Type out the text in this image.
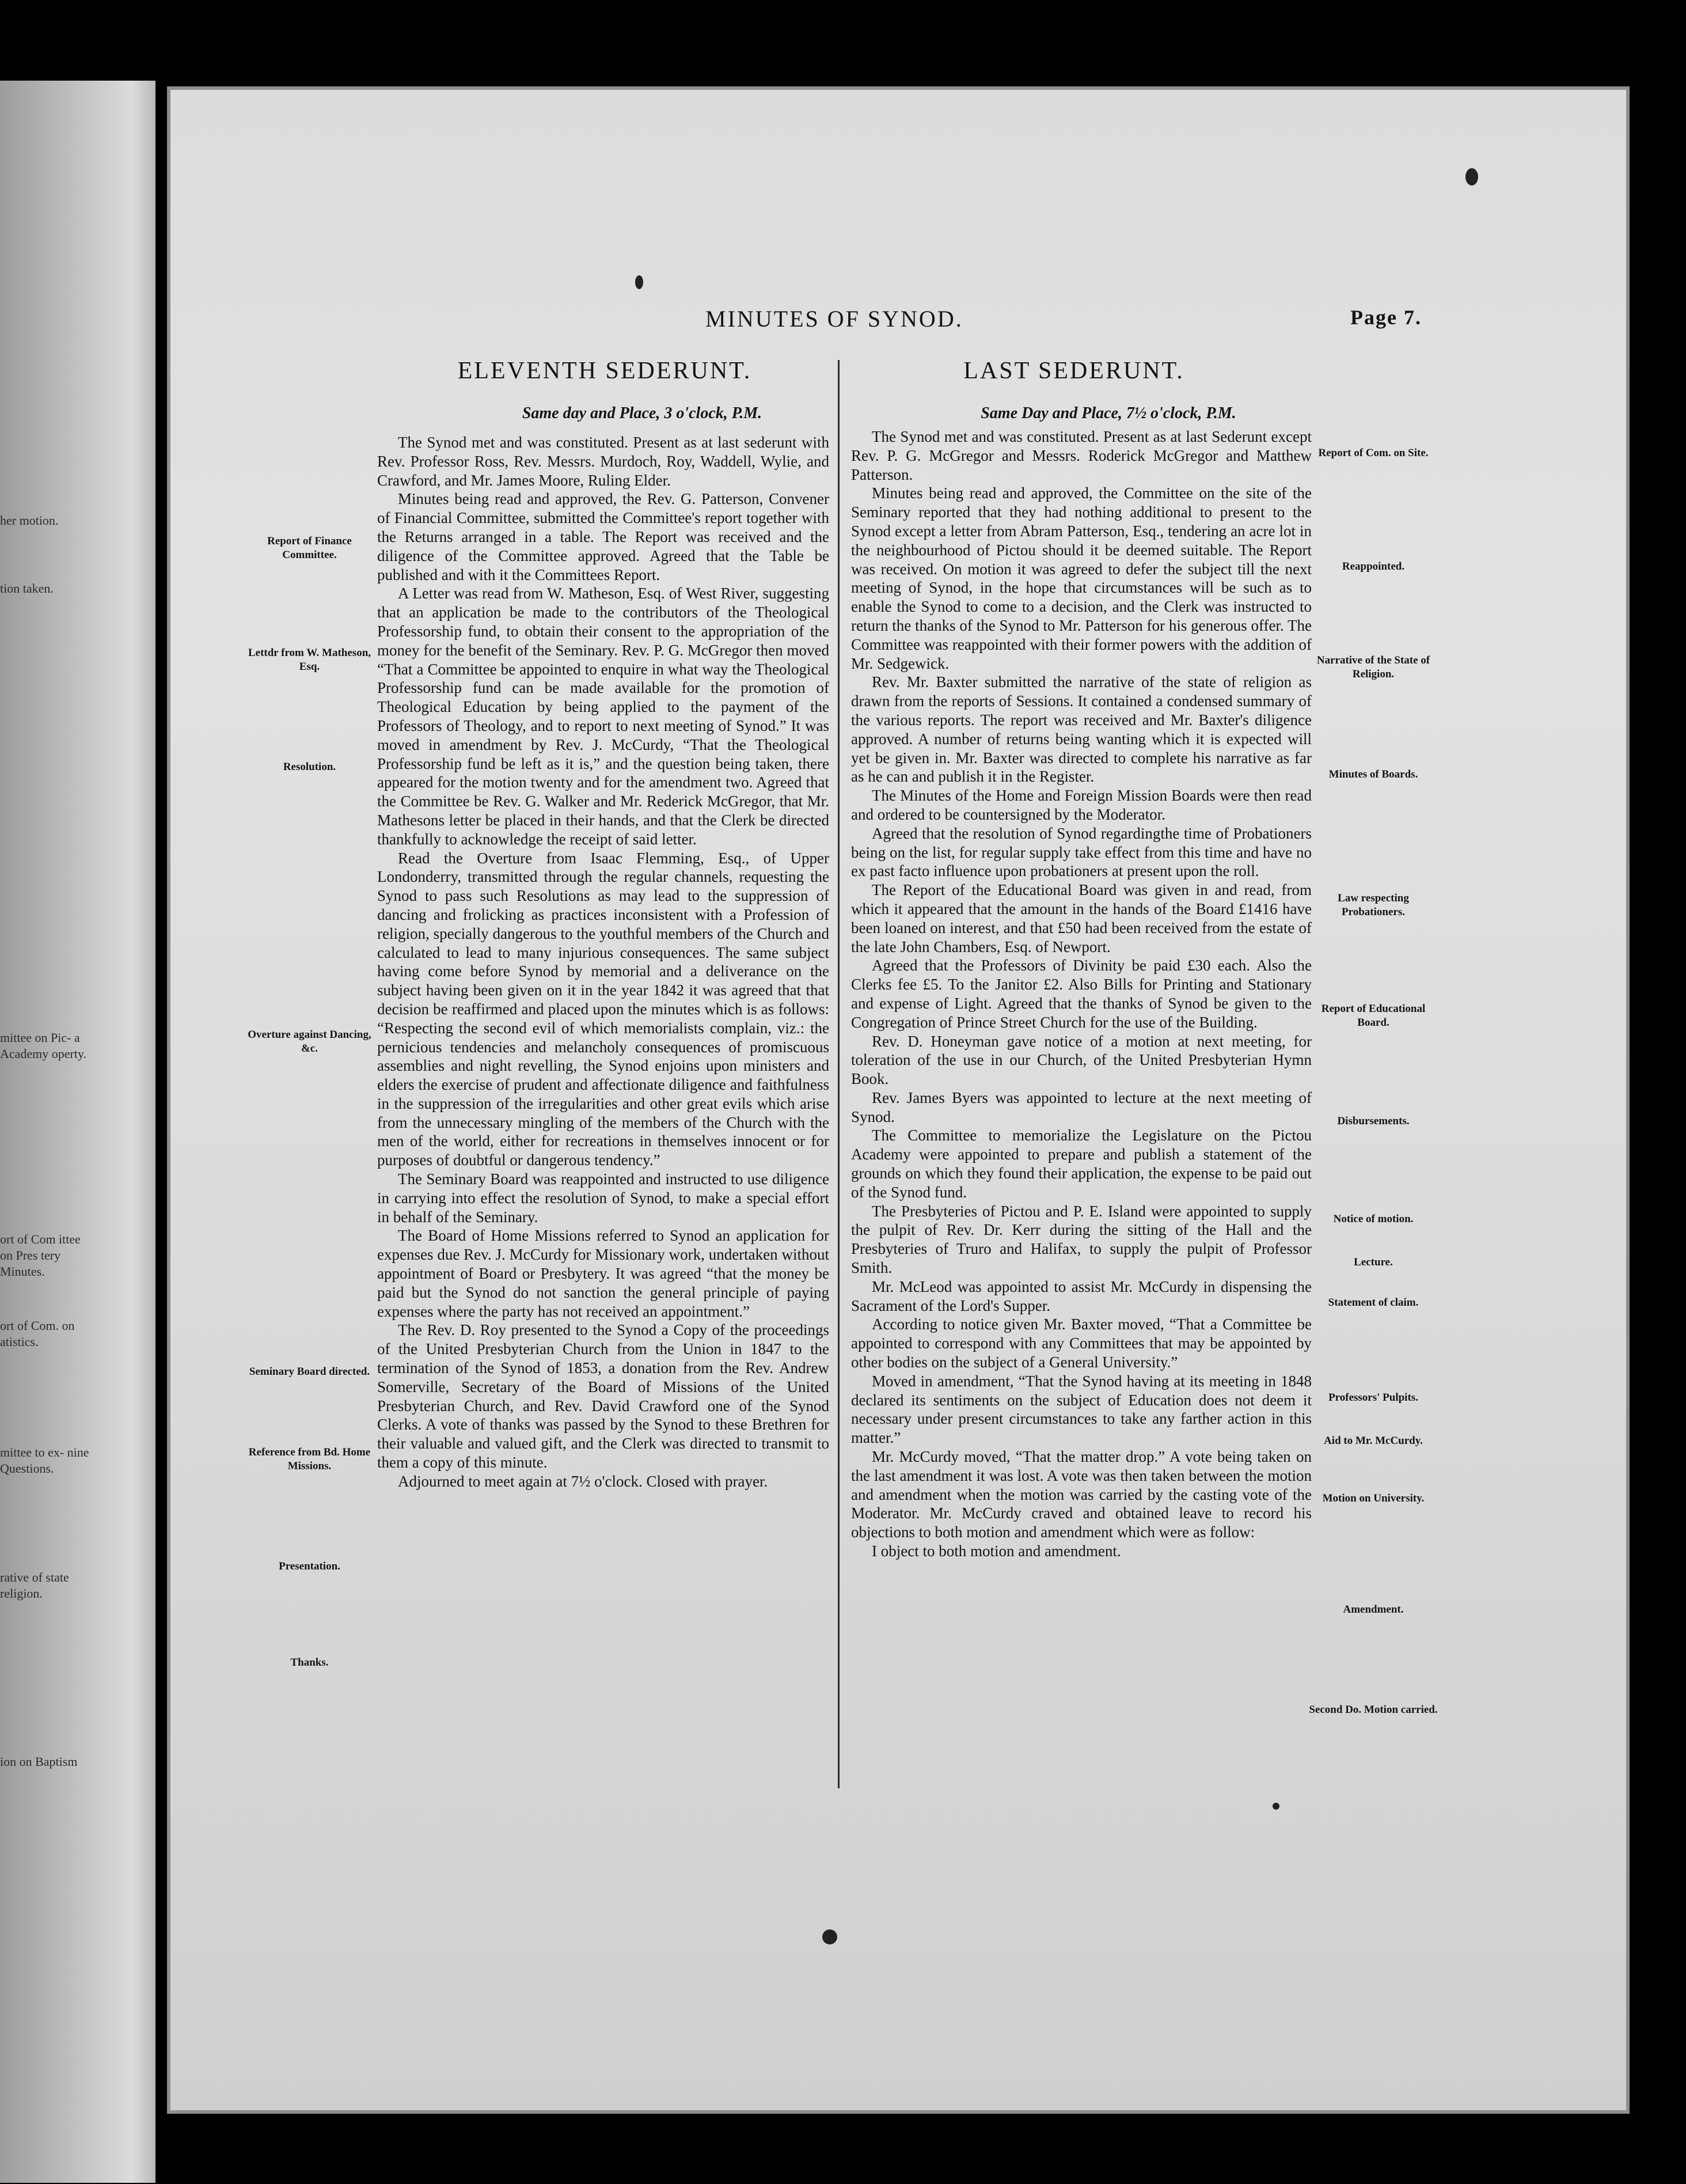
her motion.
tion taken.
mittee on Pic- a Academy operty.
ort of Com ittee on Pres tery Minutes.
ort of Com. on atistics.
mittee to ex- nine Questions.
rative of state religion.
ion on Baptism
MINUTES OF SYNOD.	Page 7.
ELEVENTH SEDERUNT.
Same day and Place, 3 o'clock, P.M.

The Synod met and was constituted. Present as at last sederunt with Rev. Professor Ross, Rev. Messrs. Murdoch, Roy, Waddell, Wylie, and Crawford, and Mr. James Moore, Ruling Elder.

Minutes being read and approved, the Rev. G. Patterson, Convener of Financial Committee, submitted the Committee's report together with the Returns arranged in a table. The Report was received and the diligence of the Committee approved. Agreed that the Table be published and with it the Committees Report.

A Letter was read from W. Matheson, Esq. of West River, suggesting that an application be made to the contributors of the Theological Professorship fund, to obtain their consent to the appropriation of the money for the benefit of the Seminary. Rev. P. G. McGregor then moved “That a Committee be appointed to enquire in what way the Theological Professorship fund can be made available for the promotion of Theological Education by being applied to the payment of the Professors of Theology, and to report to next meeting of Synod.” It was moved in amendment by Rev. J. McCurdy, “That the Theological Professorship fund be left as it is,” and the question being taken, there appeared for the motion twenty and for the amendment two. Agreed that the Committee be Rev. G. Walker and Mr. Rederick McGregor, that Mr. Mathesons letter be placed in their hands, and that the Clerk be directed thankfully to acknowledge the receipt of said letter.

Read the Overture from Isaac Flemming, Esq., of Upper Londonderry, transmitted through the regular channels, requesting the Synod to pass such Resolutions as may lead to the suppression of dancing and frolicking as practices inconsistent with a Profession of religion, specially dangerous to the youthful members of the Church and calculated to lead to many injurious consequences. The same subject having come before Synod by memorial and a deliverance on the subject having been given on it in the year 1842 it was agreed that that decision be reaffirmed and placed upon the minutes which is as follows: “Respecting the second evil of which memorialists complain, viz.: the pernicious tendencies and melancholy consequences of promiscuous assemblies and night revelling, the Synod enjoins upon ministers and elders the exercise of prudent and affectionate diligence and faithfulness in the suppression of the irregularities and other great evils which arise from the unnecessary mingling of the members of the Church with the men of the world, either for recreations in themselves innocent or for purposes of doubtful or dangerous tendency.”

The Seminary Board was reappointed and instructed to use diligence in carrying into effect the resolution of Synod, to make a special effort in behalf of the Seminary.

The Board of Home Missions referred to Synod an application for expenses due Rev. J. McCurdy for Missionary work, undertaken without appointment of Board or Presbytery. It was agreed “that the money be paid but the Synod do not sanction the general principle of paying expenses where the party has not received an appointment.”

The Rev. D. Roy presented to the Synod a Copy of the proceedings of the United Presbyterian Church from the Union in 1847 to the termination of the Synod of 1853, a donation from the Rev. Andrew Somerville, Secretary of the Board of Missions of the United Presbyterian Church, and Rev. David Crawford one of the Synod Clerks. A vote of thanks was passed by the Synod to these Brethren for their valuable and valued gift, and the Clerk was directed to transmit to them a copy of this minute.

Adjourned to meet again at 7½ o'clock. Closed with prayer.

Report of Finance Committee.
Lettdr from W. Matheson, Esq.
Resolution.
Overture against Dancing, &c.
Seminary Board directed.
Reference from Bd. Home Missions.
Presentation.
Thanks.
LAST SEDERUNT.
Same Day and Place, 7½ o'clock, P.M.

The Synod met and was constituted. Present as at last Sederunt except Rev. P. G. McGregor and Messrs. Roderick McGregor and Matthew Patterson.

Minutes being read and approved, the Committee on the site of the Seminary reported that they had nothing additional to present to the Synod except a letter from Abram Patterson, Esq., tendering an acre lot in the neighbourhood of Pictou should it be deemed suitable. The Report was received. On motion it was agreed to defer the subject till the next meeting of Synod, in the hope that circumstances will be such as to enable the Synod to come to a decision, and the Clerk was instructed to return the thanks of the Synod to Mr. Patterson for his generous offer. The Committee was reappointed with their former powers with the addition of Mr. Sedgewick.

Rev. Mr. Baxter submitted the narrative of the state of religion as drawn from the reports of Sessions. It contained a condensed summary of the various reports. The report was received and Mr. Baxter's diligence approved. A number of returns being wanting which it is expected will yet be given in. Mr. Baxter was directed to complete his narrative as far as he can and publish it in the Register.

The Minutes of the Home and Foreign Mission Boards were then read and ordered to be countersigned by the Moderator.

Agreed that the resolution of Synod regardingthe time of Probationers being on the list, for regular supply take effect from this time and have no ex past facto influence upon probationers at present upon the roll.

The Report of the Educational Board was given in and read, from which it appeared that the amount in the hands of the Board £1416 have been loaned on interest, and that £50 had been received from the estate of the late John Chambers, Esq. of Newport.

Agreed that the Professors of Divinity be paid £30 each. Also the Clerks fee £5. To the Janitor £2. Also Bills for Printing and Stationary and expense of Light. Agreed that the thanks of Synod be given to the Congregation of Prince Street Church for the use of the Building.

Rev. D. Honeyman gave notice of a motion at next meeting, for toleration of the use in our Church, of the United Presbyterian Hymn Book.

Rev. James Byers was appointed to lecture at the next meeting of Synod.

The Committee to memorialize the Legislature on the Pictou Academy were appointed to prepare and publish a statement of the grounds on which they found their application, the expense to be paid out of the Synod fund.

The Presbyteries of Pictou and P. E. Island were appointed to supply the pulpit of Rev. Dr. Kerr during the sitting of the Hall and the Presbyteries of Truro and Halifax, to supply the pulpit of Professor Smith.

Mr. McLeod was appointed to assist Mr. McCurdy in dispensing the Sacrament of the Lord's Supper.

According to notice given Mr. Baxter moved, “That a Committee be appointed to correspond with any Committees that may be appointed by other bodies on the subject of a General University.”

Moved in amendment, “That the Synod having at its meeting in 1848 declared its sentiments on the subject of Education does not deem it necessary under present circumstances to take any farther action in this matter.”

Mr. McCurdy moved, “That the matter drop.” A vote being taken on the last amendment it was lost. A vote was then taken between the motion and amendment when the motion was carried by the casting vote of the Moderator. Mr. McCurdy craved and obtained leave to record his objections to both motion and amendment which were as follow:

I object to both motion and amendment.

Report of Com. on Site.
Reappointed.
Narrative of the State of Religion.
Minutes of Boards.
Law respecting Probationers.
Report of Educational Board.
Disbursements.
Notice of motion.
Lecture.
Statement of claim.
Professors' Pulpits.
Aid to Mr. McCurdy.
Motion on University.
Amendment.
Second Do. Motion carried.
